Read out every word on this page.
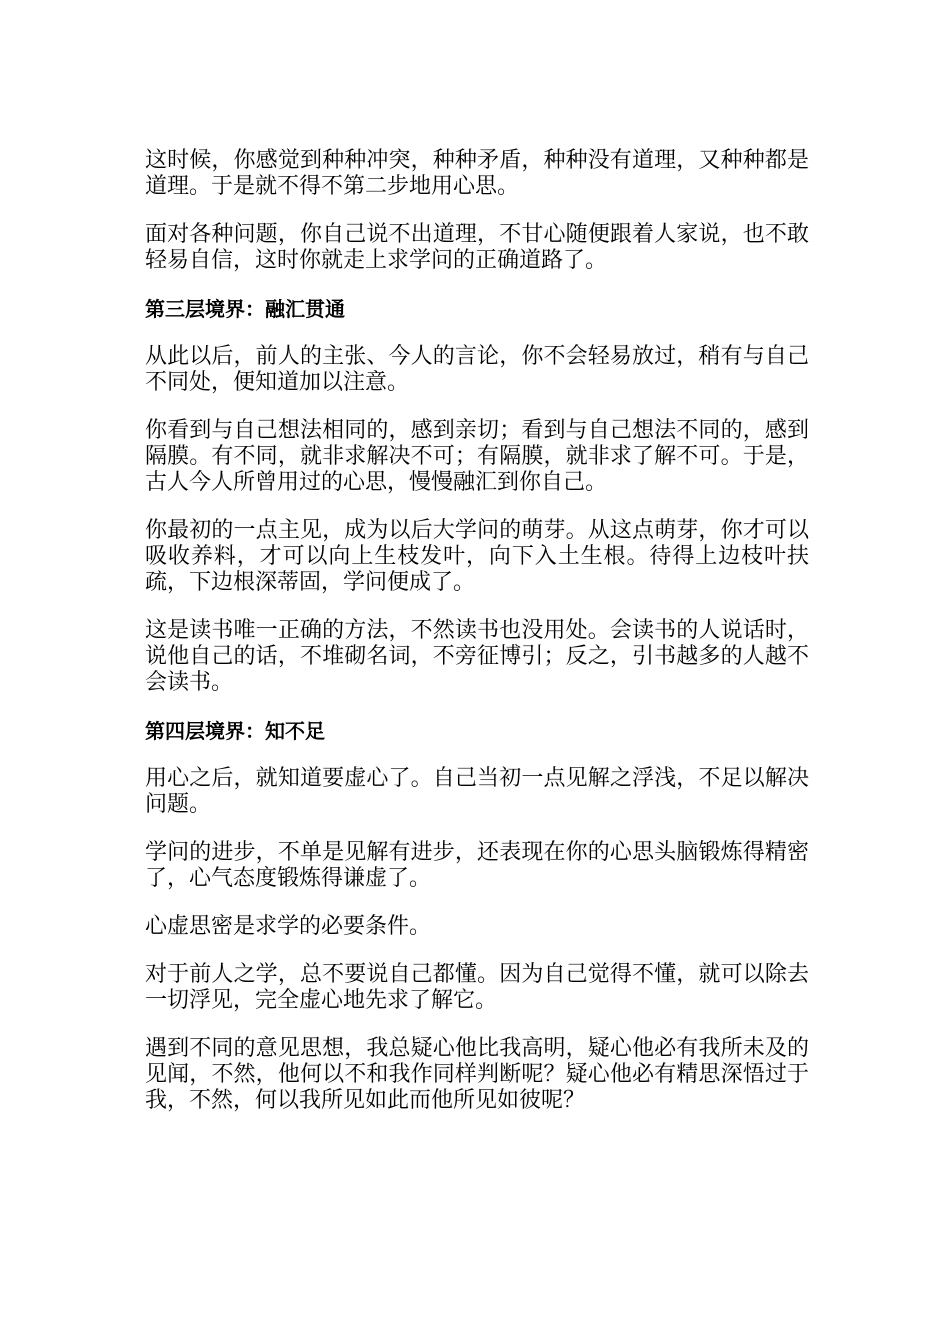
这时候，你感觉到种种冲突，种种矛盾，种种没有道理，又种种都是道理。于是就不得不第二步地用心思。

面对各种问题，你自己说不出道理，不甘心随便跟着人家说，也不敢轻易自信，这时你就走上求学问的正确道路了。

第三层境界：融汇贯通

从此以后，前人的主张、今人的言论，你不会轻易放过，稍有与自己不同处，便知道加以注意。

你看到与自己想法相同的，感到亲切；看到与自己想法不同的，感到隔膜。有不同，就非求解决不可；有隔膜，就非求了解不可。于是，古人今人所曾用过的心思，慢慢融汇到你自己。

你最初的一点主见，成为以后大学问的萌芽。从这点萌芽，你才可以吸收养料，才可以向上生枝发叶，向下入土生根。待得上边枝叶扶疏，下边根深蒂固，学问便成了。

这是读书唯一正确的方法，不然读书也没用处。会读书的人说话时，说他自己的话，不堆砌名词，不旁征博引；反之，引书越多的人越不会读书。

第四层境界：知不足

用心之后，就知道要虚心了。自己当初一点见解之浮浅，不足以解决问题。

学问的进步，不单是见解有进步，还表现在你的心思头脑锻炼得精密了，心气态度锻炼得谦虚了。

心虚思密是求学的必要条件。

对于前人之学，总不要说自己都懂。因为自己觉得不懂，就可以除去一切浮见，完全虚心地先求了解它。

遇到不同的意见思想，我总疑心他比我高明，疑心他必有我所未及的见闻，不然，他何以不和我作同样判断呢？疑心他必有精思深悟过于我，不然，何以我所见如此而他所见如彼呢？
